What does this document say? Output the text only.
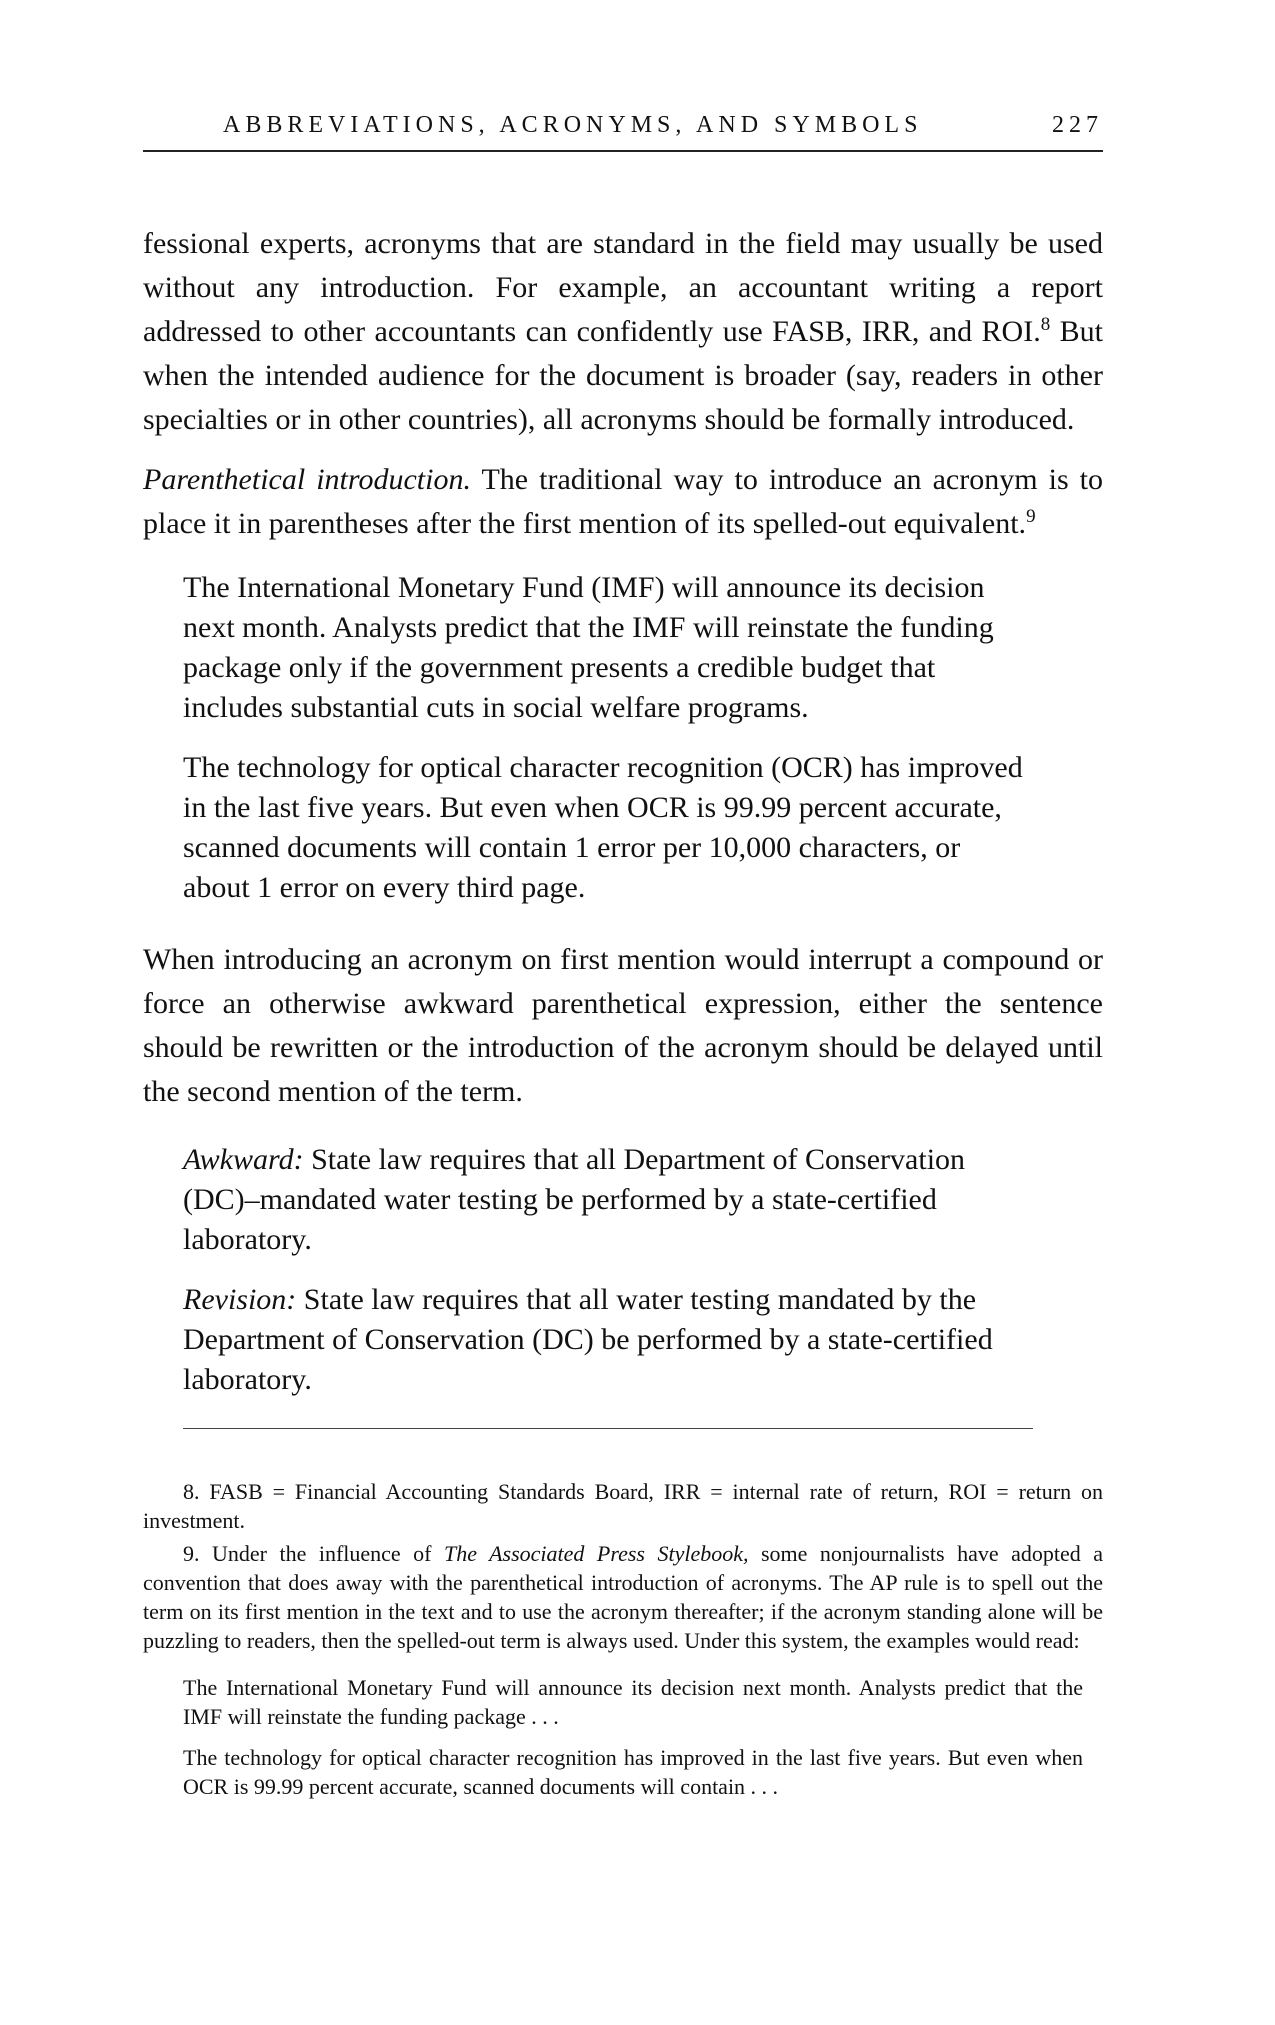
ABBREVIATIONS, ACRONYMS, AND SYMBOLS	227

fessional experts, acronyms that are standard in the field may usually be used without any introduction. For example, an accountant writing a report addressed to other accountants can confidently use FASB, IRR, and ROI.$^8$ But when the intended audience for the document is broader (say, readers in other specialties or in other countries), all acronyms should be formally introduced.

Parenthetical introduction. The traditional way to introduce an acronym is to place it in parentheses after the first mention of its spelled-out equivalent.$^9$

The International Monetary Fund (IMF) will announce its decision next month. Analysts predict that the IMF will reinstate the funding package only if the government presents a credible budget that includes substantial cuts in social welfare programs.

The technology for optical character recognition (OCR) has improved in the last five years. But even when OCR is 99.99 percent accurate, scanned documents will contain 1 error per 10,000 characters, or about 1 error on every third page.

When introducing an acronym on first mention would interrupt a compound or force an otherwise awkward parenthetical expression, either the sentence should be rewritten or the introduction of the acronym should be delayed until the second mention of the term.

Awkward: State law requires that all Department of Conservation (DC)–mandated water testing be performed by a state-certified laboratory.

Revision: State law requires that all water testing mandated by the Department of Conservation (DC) be performed by a state-certified laboratory.

8. FASB = Financial Accounting Standards Board, IRR = internal rate of return, ROI = return on investment.

9. Under the influence of The Associated Press Stylebook, some nonjournalists have adopted a convention that does away with the parenthetical introduction of acronyms. The AP rule is to spell out the term on its first mention in the text and to use the acronym thereafter; if the acronym standing alone will be puzzling to readers, then the spelled-out term is always used. Under this system, the examples would read:

The International Monetary Fund will announce its decision next month. Analysts predict that the IMF will reinstate the funding package . . .

The technology for optical character recognition has improved in the last five years. But even when OCR is 99.99 percent accurate, scanned documents will contain . . .
